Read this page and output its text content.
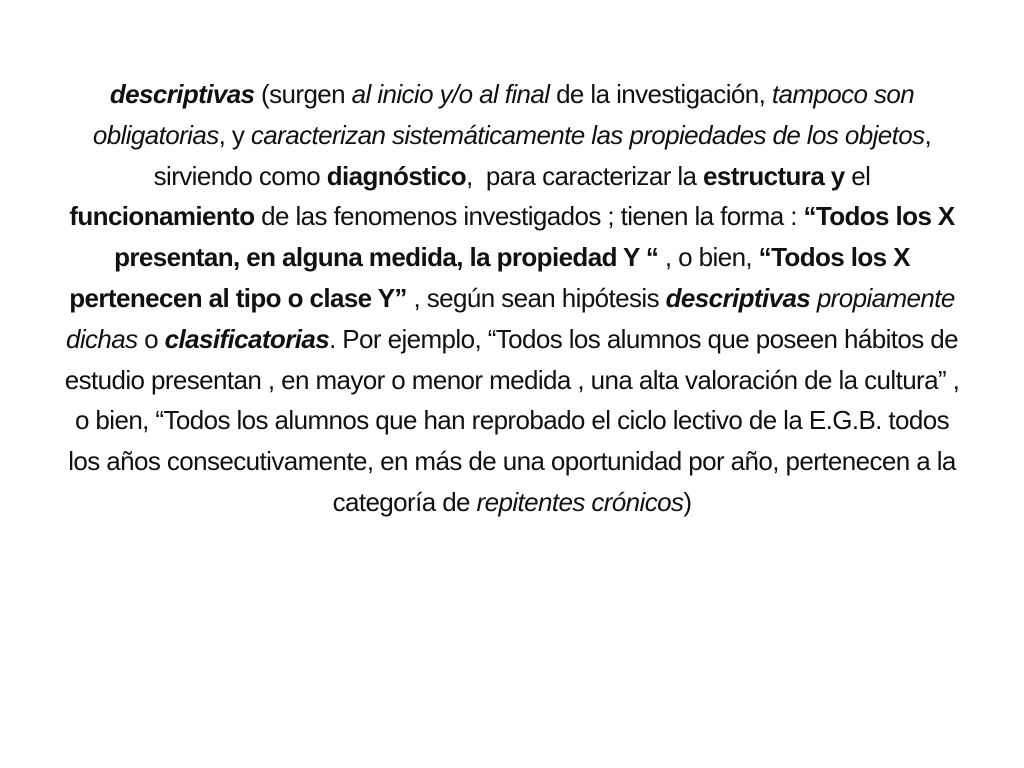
descriptivas (surgen al inicio y/o al final de la investigación, tampoco son obligatorias, y caracterizan sistemáticamente las propiedades de los objetos, sirviendo como diagnóstico,  para caracterizar la estructura y el funcionamiento de las fenomenos investigados ; tienen la forma : “Todos los X presentan, en alguna medida, la propiedad Y “ , o bien, “Todos los X pertenecen al tipo o clase Y” , según sean hipótesis descriptivas propiamente dichas o clasificatorias. Por ejemplo, “Todos los alumnos que poseen hábitos de estudio presentan , en mayor o menor medida , una alta valoración de la cultura” , o bien, “Todos los alumnos que han reprobado el ciclo lectivo de la E.G.B. todos los años consecutivamente, en más de una oportunidad por año, pertenecen a la categoría de repitentes crónicos)
